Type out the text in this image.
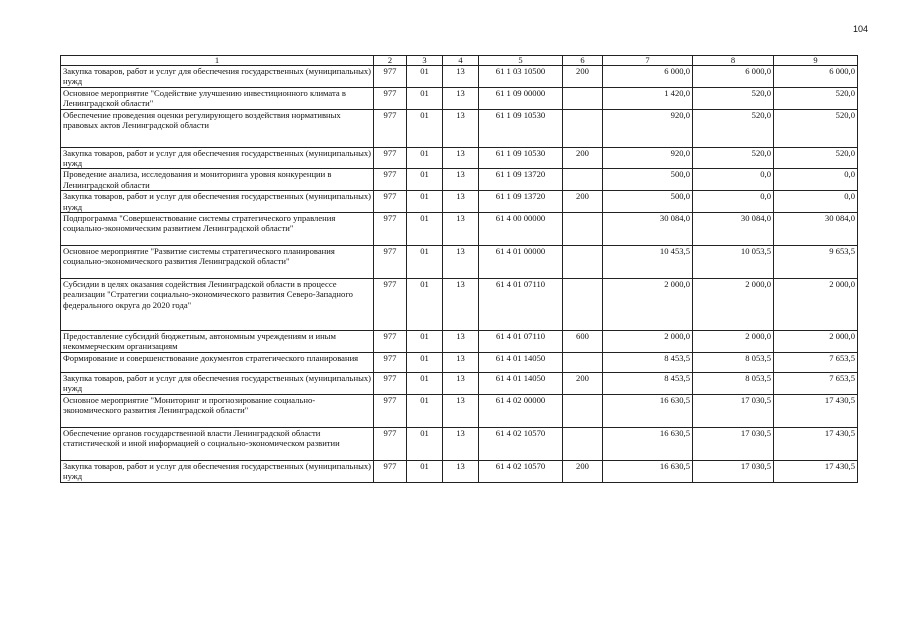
104
1	2	3	4	5	6	7	8	9
Закупка товаров, работ и услуг для обеспечения государственных (муниципальных) нужд	977	01	13	61 1 03 10500	200	6 000,0	6 000,0	6 000,0
Основное мероприятие "Содействие улучшению инвестиционного климата в Ленинградской области"	977	01	13	61 1 09 00000		1 420,0	520,0	520,0
Обеспечение проведения оценки регулирующего воздействия нормативных правовых актов Ленинградской области	977	01	13	61 1 09 10530		920,0	520,0	520,0
Закупка товаров, работ и услуг для обеспечения государственных (муниципальных) нужд	977	01	13	61 1 09 10530	200	920,0	520,0	520,0
Проведение анализа, исследования и мониторинга уровня конкуренции в Ленинградской области	977	01	13	61 1 09 13720		500,0	0,0	0,0
Закупка товаров, работ и услуг для обеспечения государственных (муниципальных) нужд	977	01	13	61 1 09 13720	200	500,0	0,0	0,0
Подпрограмма "Совершенствование системы стратегического управления социально-экономическим развитием Ленинградской области"	977	01	13	61 4 00 00000		30 084,0	30 084,0	30 084,0
Основное мероприятие "Развитие системы стратегического планирования социально-экономического развития Ленинградской области"	977	01	13	61 4 01 00000		10 453,5	10 053,5	9 653,5
Субсидии в целях оказания содействия Ленинградской области в процессе реализации "Стратегии социально-экономического развития Северо-Западного федерального округа до 2020 года"	977	01	13	61 4 01 07110		2 000,0	2 000,0	2 000,0
Предоставление субсидий бюджетным, автономным учреждениям и иным некоммерческим организациям	977	01	13	61 4 01 07110	600	2 000,0	2 000,0	2 000,0
Формирование и совершенствование документов стратегического планирования	977	01	13	61 4 01 14050		8 453,5	8 053,5	7 653,5
Закупка товаров, работ и услуг для обеспечения государственных (муниципальных) нужд	977	01	13	61 4 01 14050	200	8 453,5	8 053,5	7 653,5
Основное мероприятие "Мониторинг и прогнозирование социально-экономического развития Ленинградской области"	977	01	13	61 4 02 00000		16 630,5	17 030,5	17 430,5
Обеспечение органов государственной власти Ленинградской области статистической и иной информацией о социально-экономическом развитии	977	01	13	61 4 02 10570		16 630,5	17 030,5	17 430,5
Закупка товаров, работ и услуг для обеспечения государственных (муниципальных) нужд	977	01	13	61 4 02 10570	200	16 630,5	17 030,5	17 430,5
